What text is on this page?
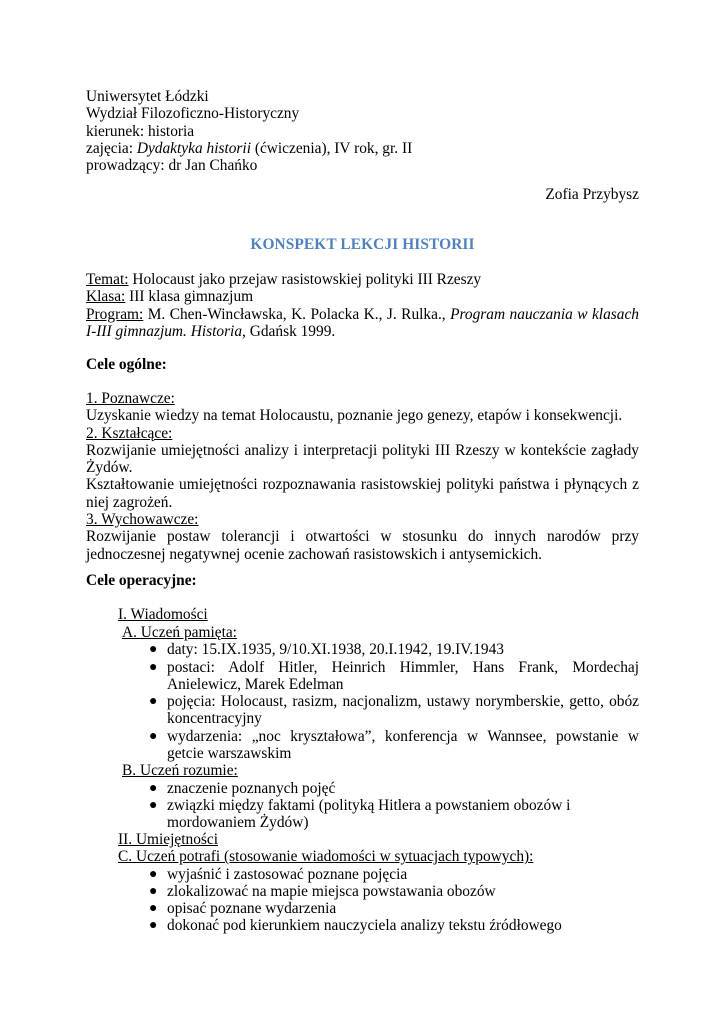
Uniwersytet Łódzki
Wydział Filozoficzno-Historyczny
kierunek: historia
zajęcia: Dydaktyka historii (ćwiczenia), IV rok, gr. II
prowadzący: dr Jan Chańko
Zofia Przybysz
KONSPEKT LEKCJI HISTORII
Temat: Holocaust jako przejaw rasistowskiej polityki III Rzeszy
Klasa: III klasa gimnazjum
Program: M. Chen-Wincławska, K. Polacka K., J. Rulka., Program nauczania w klasach I-III gimnazjum. Historia, Gdańsk 1999.
Cele ogólne:
1. Poznawcze:
Uzyskanie wiedzy na temat Holocaustu, poznanie jego genezy, etapów i konsekwencji.
2. Kształcące:
Rozwijanie umiejętności analizy i interpretacji polityki III Rzeszy w kontekście zagłady Żydów.
Kształtowanie umiejętności rozpoznawania rasistowskiej polityki państwa i płynących z niej zagrożeń.
3. Wychowawcze:
Rozwijanie postaw tolerancji i otwartości w stosunku do innych narodów przy jednoczesnej negatywnej ocenie zachowań rasistowskich i antysemickich.
Cele operacyjne:
I. Wiadomości
A. Uczeń pamięta:
● daty: 15.IX.1935, 9/10.XI.1938, 20.I.1942, 19.IV.1943
● postaci: Adolf Hitler, Heinrich Himmler, Hans Frank, Mordechaj Anielewicz, Marek Edelman
● pojęcia: Holocaust, rasizm, nacjonalizm, ustawy norymberskie, getto, obóz koncentracyjny
● wydarzenia: „noc kryształowa”, konferencja w Wannsee, powstanie w getcie warszawskim
B. Uczeń rozumie:
● znaczenie poznanych pojęć
● związki między faktami (polityką Hitlera a powstaniem obozów i mordowaniem Żydów)
II. Umiejętności
C. Uczeń potrafi (stosowanie wiadomości w sytuacjach typowych):
● wyjaśnić i zastosować poznane pojęcia
● zlokalizować na mapie miejsca powstawania obozów
● opisać poznane wydarzenia
● dokonać pod kierunkiem nauczyciela analizy tekstu źródłowego
